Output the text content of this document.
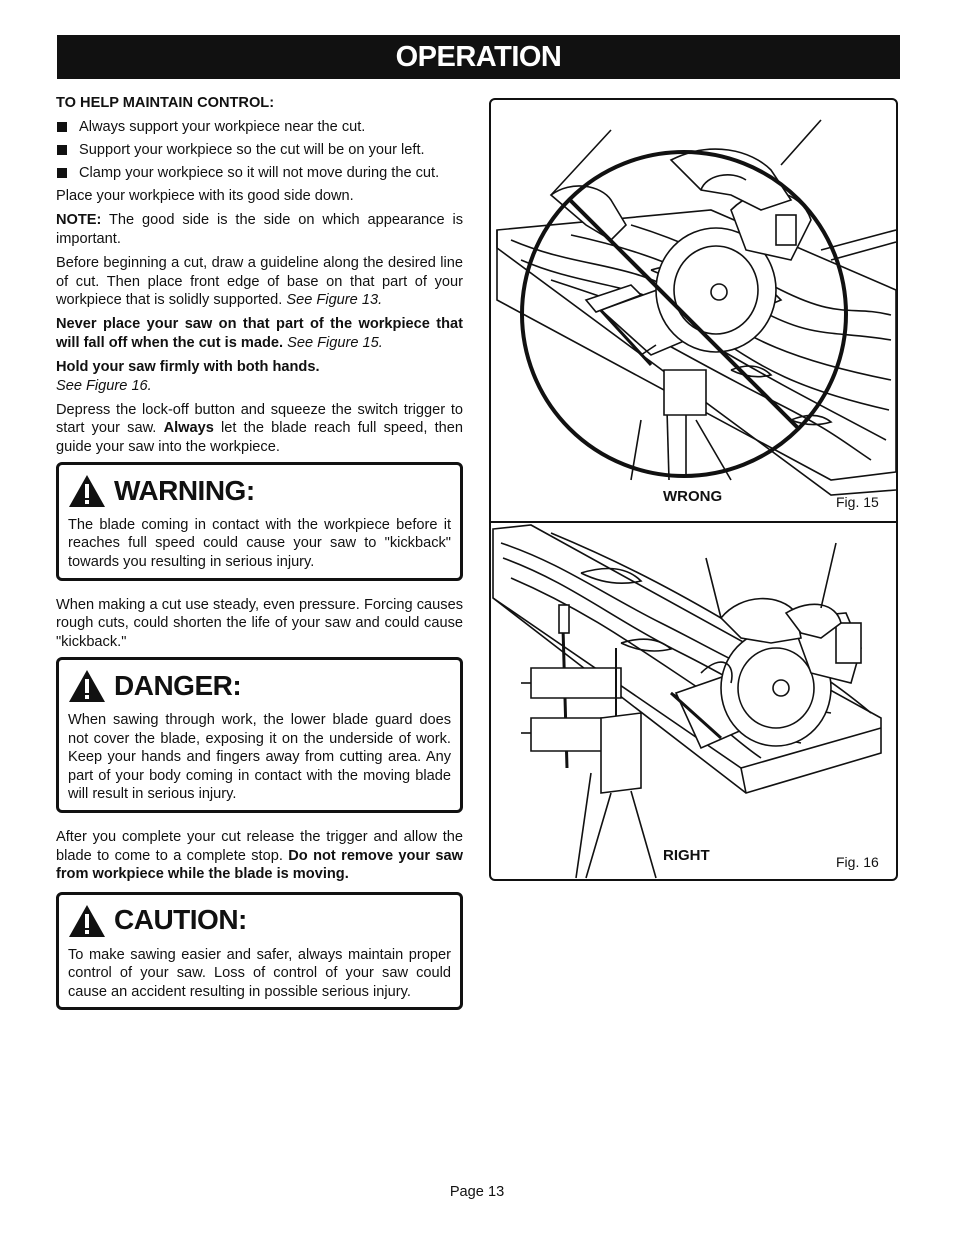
OPERATION
TO HELP MAINTAIN CONTROL:
Always support your workpiece near the cut.
Support your workpiece so the cut will be on your left.
Clamp your workpiece so it will not move during the cut.

Place your workpiece with its good side down.

NOTE: The good side is the side on which appearance is important.

Before beginning a cut, draw a guideline along the desired line of cut. Then place front edge of base on that part of your workpiece that is solidly supported. See Figure 13.

Never place your saw on that part of the workpiece that will fall off when the cut is made. See Figure 15.

Hold your saw firmly with both hands.
See Figure 16.

Depress the lock-off button and squeeze the switch trigger to start your saw. Always let the blade reach full speed, then guide your saw into the workpiece.

WARNING:
The blade coming in contact with the workpiece before it reaches full speed could cause your saw to "kickback" towards you resulting in serious injury.

When making a cut use steady, even pressure. Forcing causes rough cuts, could shorten the life of your saw and could cause "kickback."

DANGER:
When sawing through work, the lower blade guard does not cover the blade, exposing it on the underside of work. Keep your hands and fingers away from cutting area. Any part of your body coming in contact with the moving blade will result in serious injury.

After you complete your cut release the trigger and allow the blade to come to a complete stop. Do not remove your saw from workpiece while the blade is moving.

CAUTION:
To make sawing easier and safer, always maintain proper control of your saw. Loss of control of your saw could cause an accident resulting in possible serious injury.
WRONG	Fig. 15
RIGHT	Fig. 16
Page 13
